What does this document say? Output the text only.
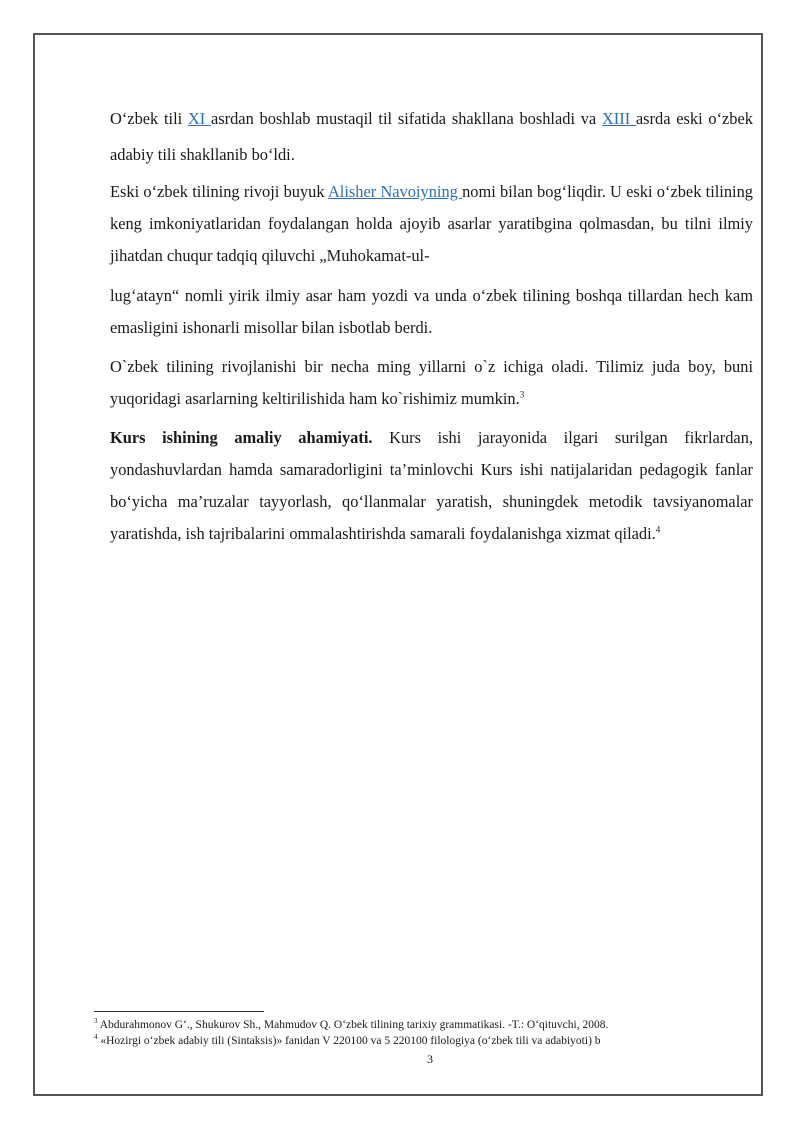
O‘zbek tili XI asrdan boshlab mustaqil til sifatida shakllana boshladi va XIII asrda eski o‘zbek adabiy tili shakllanib bo‘ldi.

Eski o‘zbek tilining rivoji buyuk Alisher Navoiyning nomi bilan bog‘liqdir. U eski o‘zbek tilining keng imkoniyatlaridan foydalangan holda ajoyib asarlar yaratibgina qolmasdan, bu tilni ilmiy jihatdan chuqur tadqiq qiluvchi „Muhokamat-ul-

lug‘atayn“ nomli yirik ilmiy asar ham yozdi va unda o‘zbek tilining boshqa tillardan hech kam emasligini ishonarli misollar bilan isbotlab berdi.

O`zbek tilining rivojlanishi bir necha ming yillarni o`z ichiga oladi. Tilimiz juda boy, buni yuqoridagi asarlarning keltirilishida ham ko`rishimiz mumkin.$^3$

Kurs ishining amaliy ahamiyati. Kurs ishi jarayonida ilgari surilgan fikrlardan, yondashuvlardan hamda samaradorligini ta’minlovchi Kurs ishi natijalaridan pedagogik fanlar bo‘yicha ma’ruzalar tayyorlash, qo‘llanmalar yaratish, shuningdek metodik tavsiyanomalar yaratishda, ish tajribalarini ommalashtirishda samarali foydalanishga xizmat qiladi.$^4$

$^3$ Abdurahmonov G‘., Shukurov Sh., Mahmudov Q. O‘zbek tilining tarixiy grammatikasi. -T.: O‘qituvchi, 2008.
$^4$ «Hozirgi o‘zbek adabiy tili (Sintaksis)» fanidan V 220100 va 5 220100 filologiya (o‘zbek tili va adabiyoti) b
3
